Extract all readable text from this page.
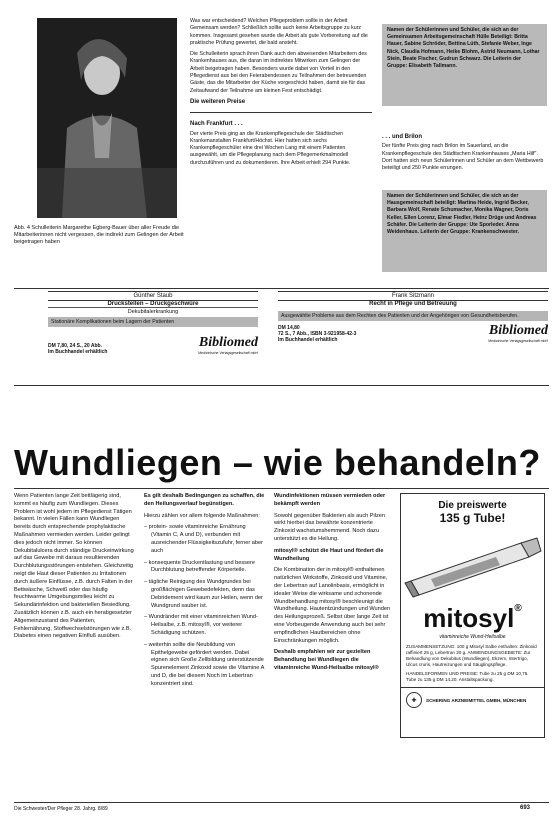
Abb. 4 Schulleiterin Margarethe Egberg-Bauer über aller Freude die Mitarbeiterinnen nicht vergessen, die indirekt zum Gelingen der Arbeit beigetragen haben

Was war entscheidend? Welchen Pflegeproblem sollte in der Arbeit Gemeinsam werden? Schließlich sollte auch keine Arbeitsgruppe zu kurz kommen. Insgesamt gesehen wurde die Arbeit als gute Vorbereitung auf die praktische Prüfung gewertet, die bald ansteht.

Die Schulleiterin sprach ihren Dank auch den abwesenden Mitarbeitern des Krankenhauses aus, die daran im indirektes Mitwirken zum Gelingen der Arbeit beigetragen haben. Besonders wurde dabei von Vorteil in den Pflegedienst aus bei den Feierabendessen zu Teilnahmen der betreuenden Gäste, das die Mitarbeiter der Küche vorgeschickt haben, damit sie für das Zeitaufwand der Teilnahme am kleinen Fest entschädigt.

Die weiteren Preise
Nach Frankfurt . . .

Der vierte Preis ging an die Krankenpflegeschule der Städtischen Krankenanstalten Frankfurt/Höchst. Hier hatten sich sechs Krankenpflegeschüler eine drei Wochen Lang mit einem Patienten ausgewählt, um die Pflegeplanung nach dem Pflegemerkmalmodell durchzuführen und zu dokumentieren. Ihre Arbeit erhielt 294 Punkte.

Namen der Schülerinnen und Schüler, die sich an der Gemeinsamen Arbeitsgemeinschaft Hülle Beteiligt: Britta Hauer, Sabine Schröder, Bettina Lüth, Stefanie Weber, Inge Nick, Claudia Hofmann, Heike Blohm, Astrid Neumann, Lothar Stein, Beate Fischer, Gudrun Schwarz. Die Leiterin der Gruppe: Elisabeth Tallmann.
. . . und Brilon

Der fünfte Preis ging nach Brilon im Sauerland, an die Krankenpflegeschule des Städtischen Krankenhauses „Maria Hilf". Dort hatten sich neun Schülerinnen und Schüler an dem Wettbewerb beteiligt und 250 Punkte errungen.

Namen der Schülerinnen und Schüler, die sich an der Hausgemeinschaft beteiligt: Martina Heide, Ingrid Becker, Barbara Wolf, Renate Schumacher, Monika Wagner, Doris Keller, Ellen Lorenz, Elmar Fiedler, Heinz Drüge und Andreas Schäfer. Die Leiterin der Gruppe: Ute Sporleder. Anna Weidenhaus. Leiterin der Gruppe: Krankenschwester.
Günther Staub
Druckstellen – Druckgeschwüre
Dekubitalerkrankung
Stationäre Komplikationen beim Lagern der Patienten
DM 7,80, 24 S., 20 Abb.
Im Buchhandel erhältlich
Bibliomed
Medizinische Verlagsgesellschaft mbH
Frank Sitzmann
Recht in Pflege und Betreuung
Ausgewählte Probleme aus dem Rechten des Patienten und der Angehörigen von Gesundheitsberufen.
DM 14,80
72 S., 7 Abb., ISBN 3-921958-42-3
Im Buchhandel erhältlich
Bibliomed
Medizinische Verlagsgesellschaft mbH
Wundliegen – wie behandeln?

Wenn Patienten lange Zeit bettlägerig sind, kommt es häufig zum Wundliegen. Dieses Problem ist wohl jedem im Pflegedienst Tätigen bekannt. In vielen Fällen kann Wundliegen bereits durch entsprechende prophylaktische Maßnahmen vermieden werden. Leider gelingt dies jedoch nicht immer. So können Dekubitalulcera durch ständige Druckeinwirkung auf das Gewebe mit daraus resultierenden Durchblutungsstörungen entstehen. Gleichzeitig neigt die Haut dieser Patienten zu Irritationen durch äußere Einflüsse, z.B. durch Falten in der Bettwäsche, Schweiß oder das häufig feuchtwarme Umgebungsmilieu leicht zu Sekundärinfektion und bakteriellen Besiedlung. Zusätzlich können z.B. auch ein herabgesetzter Allgemeinzustand des Patienten, Fehlernährung, Stoffwechselstörungen wie z.B. Diabetes einen negativen Einfluß ausüben.

Es gilt deshalb Bedingungen zu schaffen, die den Heilungsverlauf begünstigen.

Hierzu zählen vor allem folgende Maßnahmen:

– protein- sowie vitaminreiche Ernährung (Vitamin C, A und D), verbunden mit ausreichender Flüssigkeitszufuhr, ferner aber auch

– konsequente Druckentlastung und bessere Durchblutung betreffender Körperteile.

– tägliche Reinigung des Wundgrundes bei großflächigen Gewebedefekten, denn das Debridement wird kaum zur Heilen, wenn der Wundgrund sauber ist.

– Wundränder mit einer vitaminreichen Wund-Heilsalbe, z.B. mitosyl®, vor weiterer Schädigung schützen.

– weiterhin sollte die Neubildung von Epithelgewebe gefördert werden. Dabei eignen sich Große Zellbildung unterstützende Spurenelement Zinkoxid sowie die Vitamine A und D, die bei diesem Noch im Lebertran konzentriert sind.

Wundinfektionen müssen vermieden oder bekämpft werden

Sowohl gegenüber Bakterien als auch Pilzen wirkt hierbei das bewährte konzentrierte Zinkoxid wachstumshemmend. Noch dazu unterstützt es die Heilung.

mitosyl® schützt die Haut und fördert die Wundheilung

Die Kombination der in mitosyl® enthaltenen natürlichen Wirkstoffe, Zinkoxid und Vitamine, der Lebertran auf Lanolinbasis, ermöglicht in idealer Weise die wirksame und schonende Wundbehandlung mitosyl® beschleunigt die Wundheilung. Hautentzündungen und Wunden des Heilungsprozeß. Selbst über lange Zeit ist eine Vorbeugende Anwendung auch bei sehr empfindlichen Hautbereichen ohne Einschränkungen möglich.

Deshalb empfahlen wir zur gezielten Behandlung bei Wundliegen die vitaminreiche Wund-Heilsalbe mitosyl®

Die preiswerte
135 g Tube!
mitosyl®
vitaminreiche Wund-Heilsalbe
ZUSAMMENSETZUNG: 100 g Mitosyl Salbe enthalten: Zinkoxid raffiniert 25 g, Lebertran 20 g. ANWENDUNGSGEBIETE: Zur Behandlung von Dekubitus (Wundliegen), Ekzem, Intertrigo, Ulcus cruris, Hautreizungen und Säuglingspflege.
HANDELSFORMEN UND PREISE: Tube zu 25 g DM 10,75. Tube zu 135 g DM 14,20. Anstaltspackung.
✚	SCHERING ARZNEIMITTEL GMBH, MÜNCHEN
Die Schwester/Der Pfleger 28. Jahrg. 8/89	693
